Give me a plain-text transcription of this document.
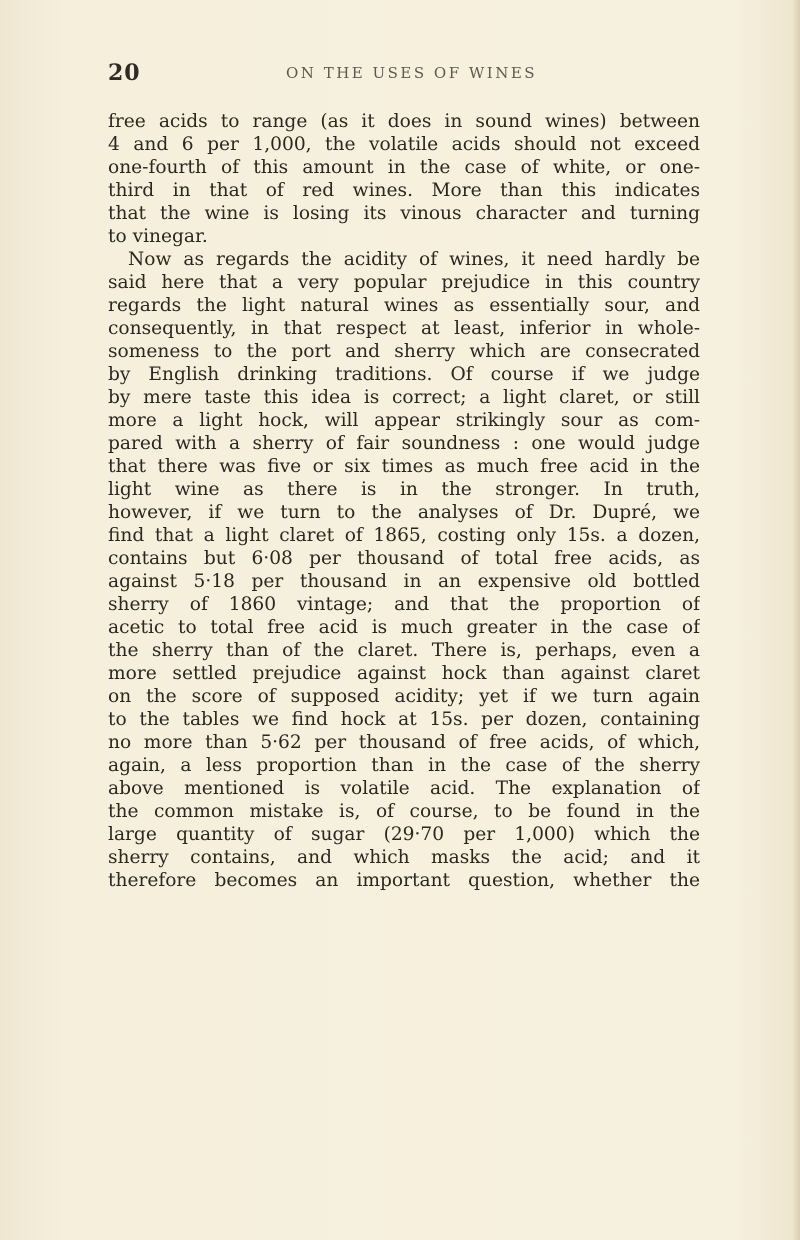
20	ON THE USES OF WINES
free acids to range (as it does in sound wines) between
4 and 6 per 1,000, the volatile acids should not exceed
one-fourth of this amount in the case of white, or one-
third in that of red wines. More than this indicates
that the wine is losing its vinous character and turning
to vinegar.
Now as regards the acidity of wines, it need hardly be
said here that a very popular prejudice in this country
regards the light natural wines as essentially sour, and
consequently, in that respect at least, inferior in whole-
someness to the port and sherry which are consecrated
by English drinking traditions. Of course if we judge
by mere taste this idea is correct; a light claret, or still
more a light hock, will appear strikingly sour as com-
pared with a sherry of fair soundness : one would judge
that there was five or six times as much free acid in the
light wine as there is in the stronger. In truth,
however, if we turn to the analyses of Dr. Dupré, we
find that a light claret of 1865, costing only 15s. a dozen,
contains but 6·08 per thousand of total free acids, as
against 5·18 per thousand in an expensive old bottled
sherry of 1860 vintage; and that the proportion of
acetic to total free acid is much greater in the case of
the sherry than of the claret. There is, perhaps, even a
more settled prejudice against hock than against claret
on the score of supposed acidity; yet if we turn again
to the tables we find hock at 15s. per dozen, containing
no more than 5·62 per thousand of free acids, of which,
again, a less proportion than in the case of the sherry
above mentioned is volatile acid. The explanation of
the common mistake is, of course, to be found in the
large quantity of sugar (29·70 per 1,000) which the
sherry contains, and which masks the acid; and it
therefore becomes an important question, whether the
